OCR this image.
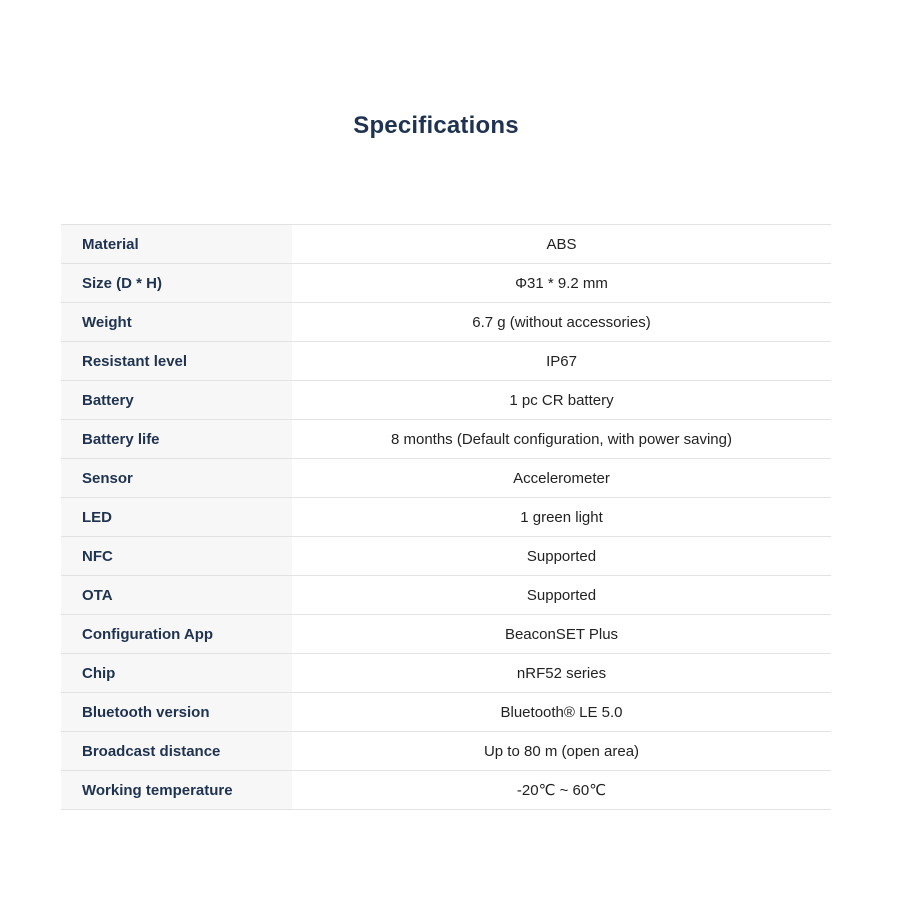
Specifications
Material	ABS
Size (D * H)	Φ31 * 9.2 mm
Weight	6.7 g (without accessories)
Resistant level	IP67
Battery	1 pc CR battery
Battery life	8 months (Default configuration, with power saving)
Sensor	Accelerometer
LED	1 green light
NFC	Supported
OTA	Supported
Configuration App	BeaconSET Plus
Chip	nRF52 series
Bluetooth version	Bluetooth® LE 5.0
Broadcast distance	Up to 80 m (open area)
Working temperature	-20℃ ~ 60℃
